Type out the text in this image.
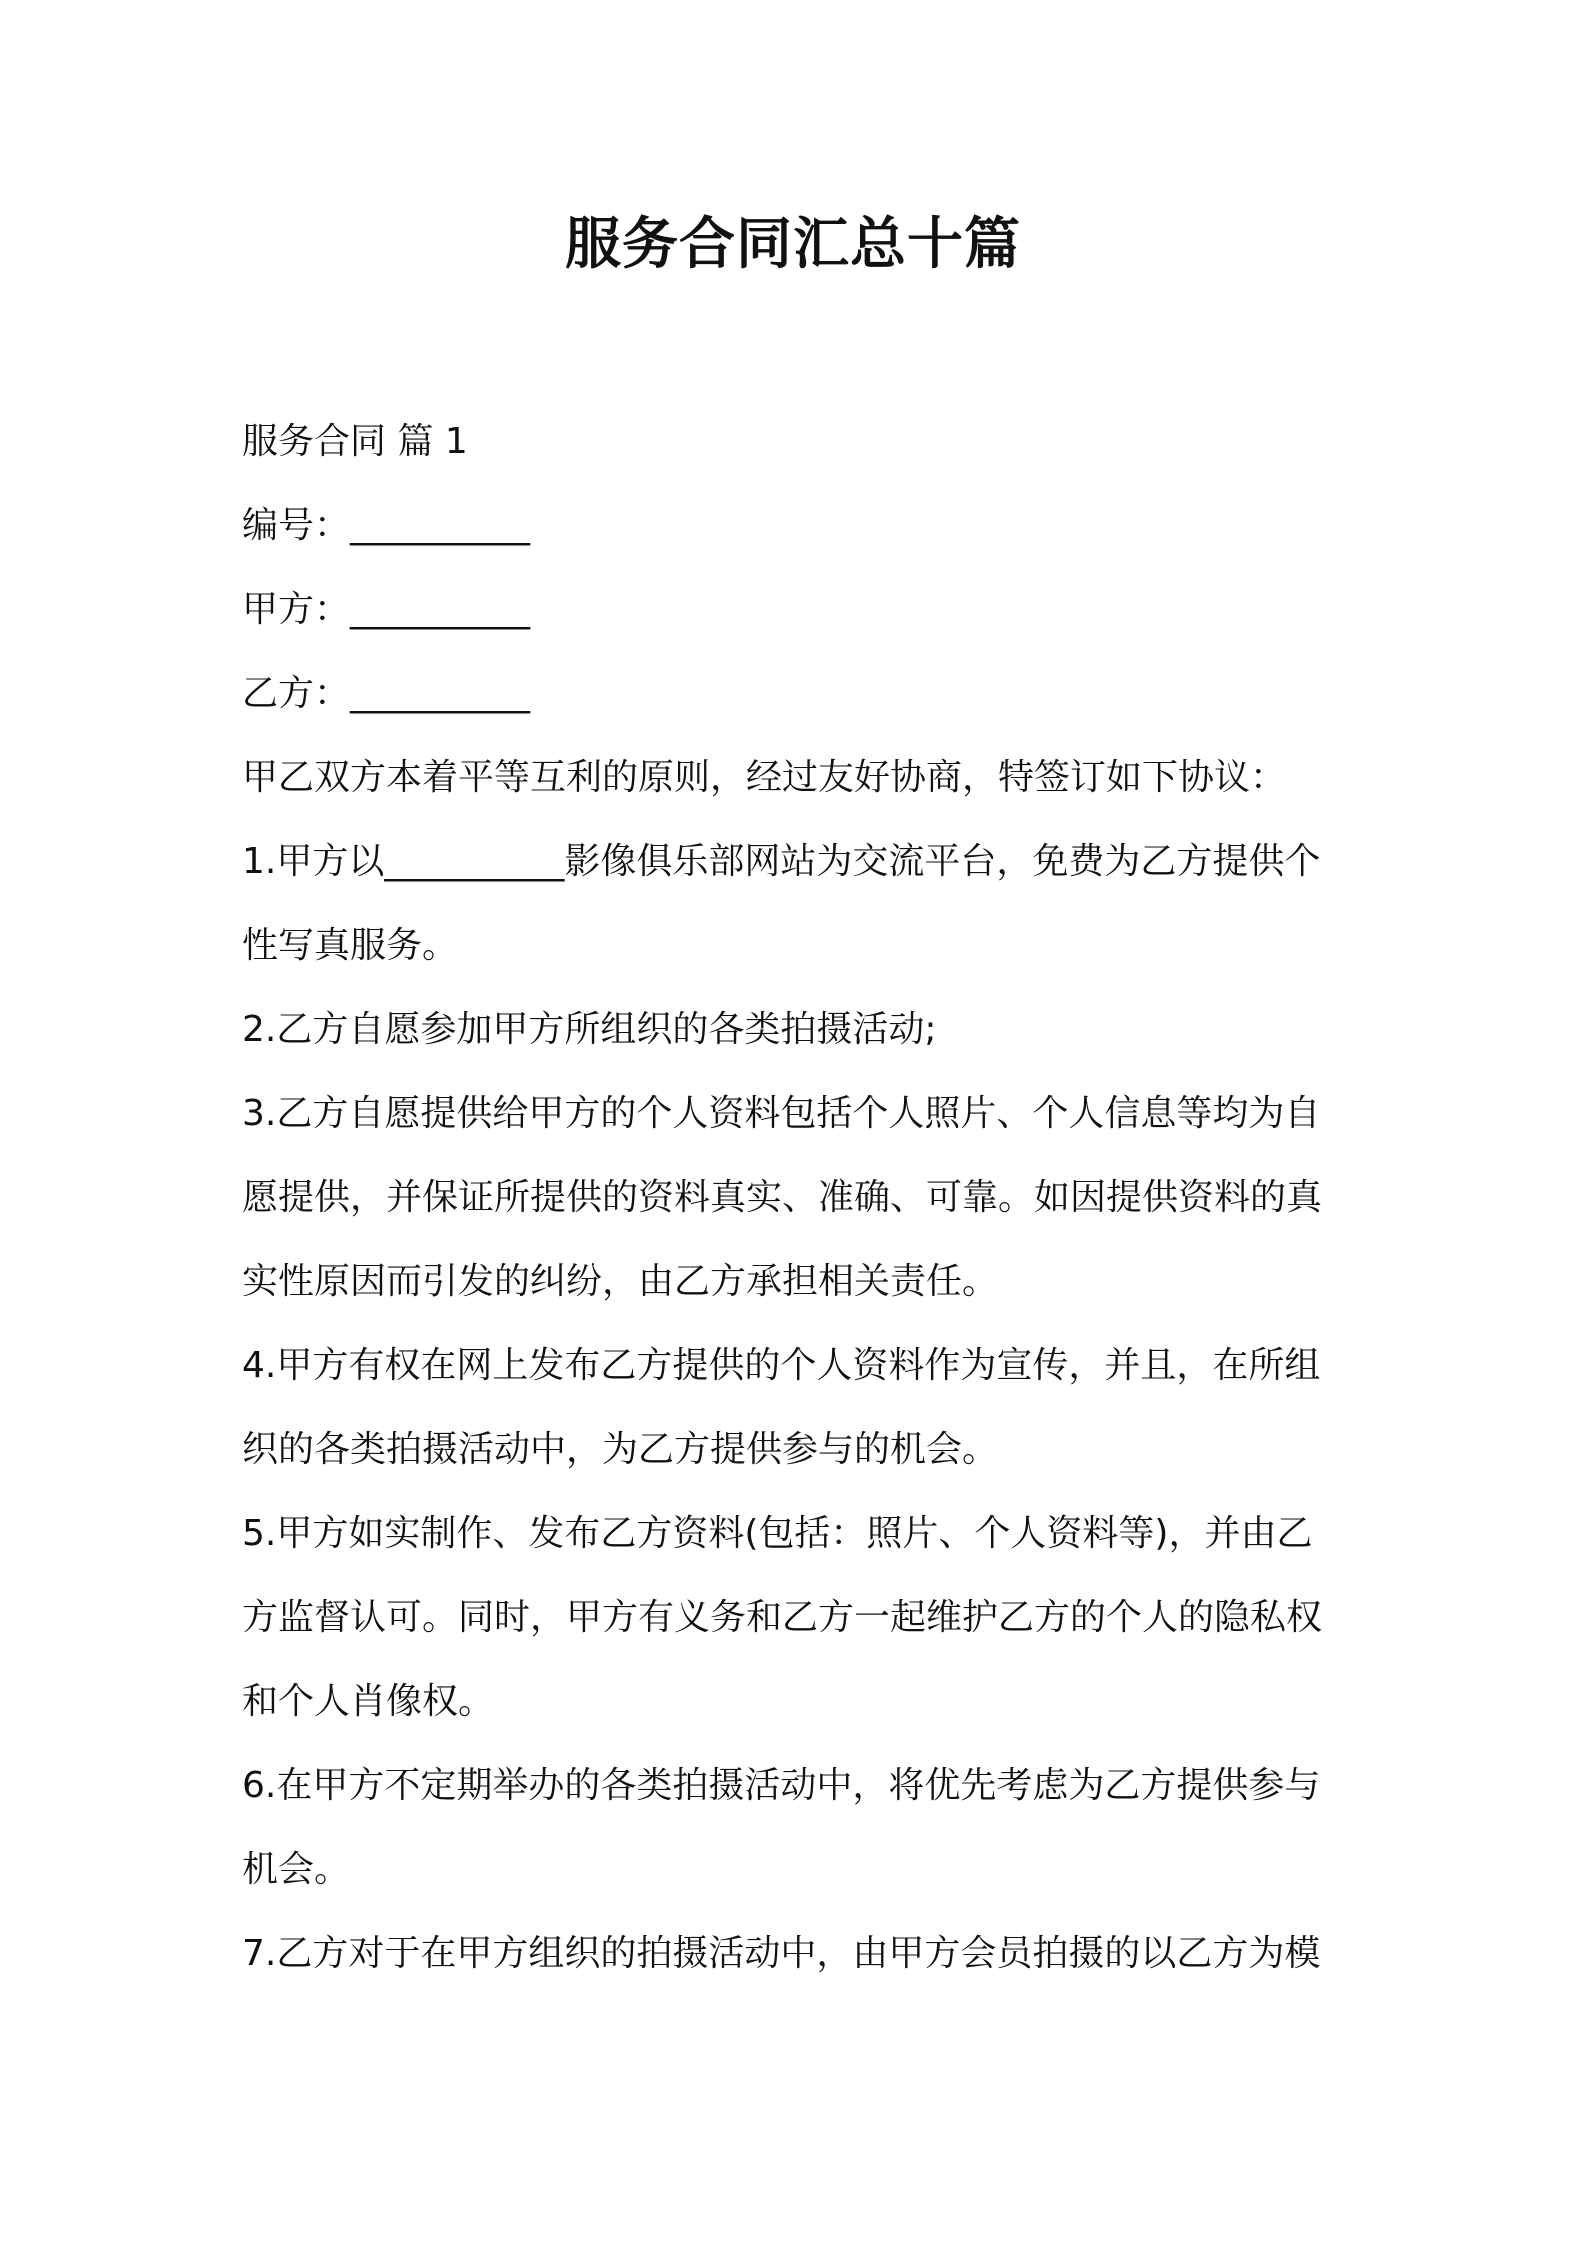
服务合同汇总十篇

服务合同 篇 1

编号：__________

甲方：__________

乙方：__________

甲乙双方本着平等互利的原则，经过友好协商，特签订如下协议：

1.甲方以__________影像俱乐部网站为交流平台，免费为乙方提供个

性写真服务。

2.乙方自愿参加甲方所组织的各类拍摄活动;

3.乙方自愿提供给甲方的个人资料包括个人照片、个人信息等均为自

愿提供，并保证所提供的资料真实、准确、可靠。如因提供资料的真

实性原因而引发的纠纷，由乙方承担相关责任。

4.甲方有权在网上发布乙方提供的个人资料作为宣传，并且，在所组

织的各类拍摄活动中，为乙方提供参与的机会。

5.甲方如实制作、发布乙方资料(包括：照片、个人资料等)，并由乙

方监督认可。同时，甲方有义务和乙方一起维护乙方的个人的隐私权

和个人肖像权。

6.在甲方不定期举办的各类拍摄活动中，将优先考虑为乙方提供参与

机会。

7.乙方对于在甲方组织的拍摄活动中，由甲方会员拍摄的以乙方为模
